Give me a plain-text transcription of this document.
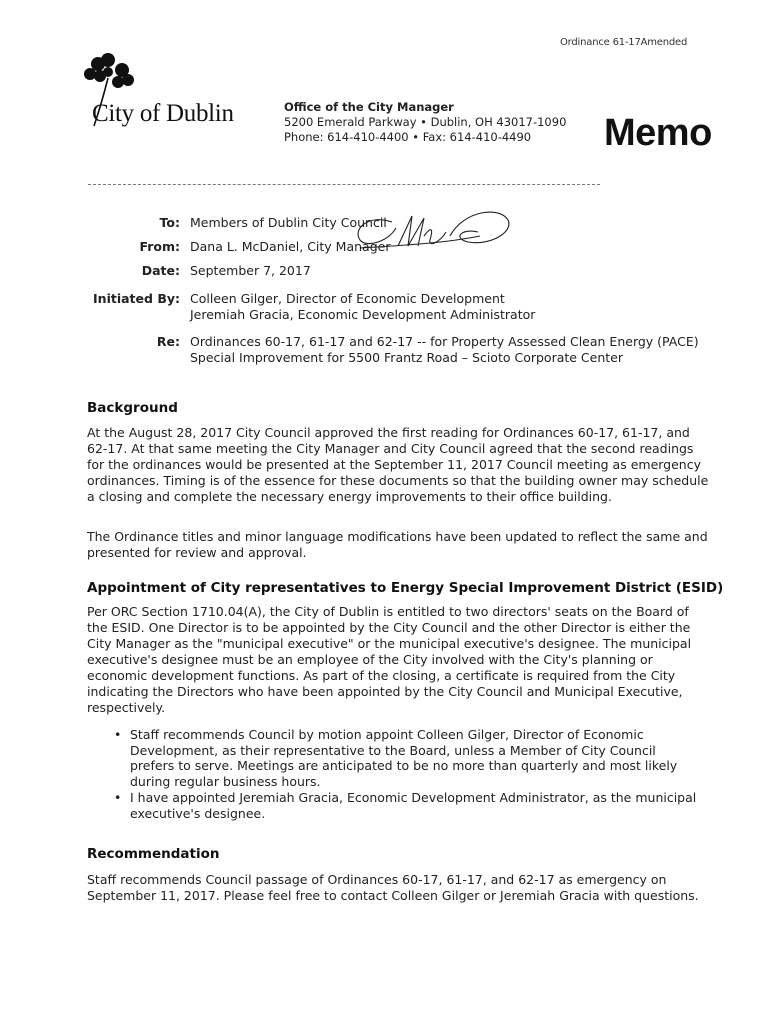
Ordinance 61-17Amended
City of Dublin	Office of the City Manager
5200 Emerald Parkway • Dublin, OH 43017-1090
Phone: 614-410-4400 • Fax: 614-410-4490	Memo
To: Members of Dublin City Council
From: Dana L. McDaniel, City Manager
Date: September 7, 2017
Initiated By: Colleen Gilger, Director of Economic Development
Jeremiah Gracia, Economic Development Administrator
Re: Ordinances 60-17, 61-17 and 62-17 -- for Property Assessed Clean Energy (PACE)
Special Improvement for 5500 Frantz Road – Scioto Corporate Center
Background
At the August 28, 2017 City Council approved the first reading for Ordinances 60-17, 61-17, and
62-17. At that same meeting the City Manager and City Council agreed that the second readings
for the ordinances would be presented at the September 11, 2017 Council meeting as emergency
ordinances. Timing is of the essence for these documents so that the building owner may schedule
a closing and complete the necessary energy improvements to their office building.
The Ordinance titles and minor language modifications have been updated to reflect the same and
presented for review and approval.
Appointment of City representatives to Energy Special Improvement District (ESID)
Per ORC Section 1710.04(A), the City of Dublin is entitled to two directors' seats on the Board of
the ESID. One Director is to be appointed by the City Council and the other Director is either the
City Manager as the "municipal executive" or the municipal executive's designee. The municipal
executive's designee must be an employee of the City involved with the City's planning or
economic development functions. As part of the closing, a certificate is required from the City
indicating the Directors who have been appointed by the City Council and Municipal Executive,
respectively.
• Staff recommends Council by motion appoint Colleen Gilger, Director of Economic
Development, as their representative to the Board, unless a Member of City Council
prefers to serve. Meetings are anticipated to be no more than quarterly and most likely
during regular business hours.
• I have appointed Jeremiah Gracia, Economic Development Administrator, as the municipal
executive's designee.
Recommendation
Staff recommends Council passage of Ordinances 60-17, 61-17, and 62-17 as emergency on
September 11, 2017. Please feel free to contact Colleen Gilger or Jeremiah Gracia with questions.
